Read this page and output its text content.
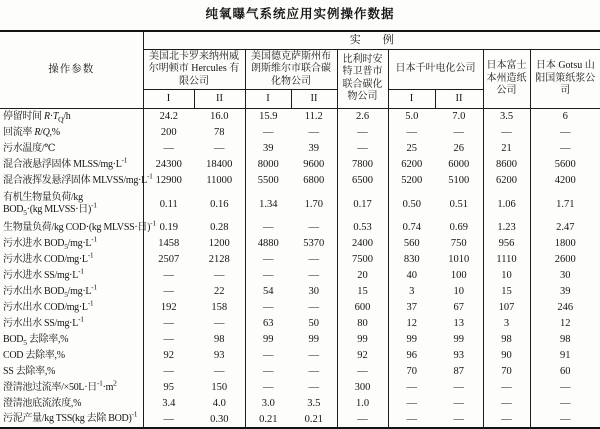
纯氧曝气系统应用实例操作数据
操作参数	实　　例								
	美国北卡罗来纳州威尔明顿市 Hercules 有限公司		美国德克萨斯州布朗斯维尔市联合碳化物公司		比利时安特卫普市联合碳化物公司	日本千叶电化公司		日本富士本州造纸公司	日本 Gotsu 山阳国策纸浆公司
	I	II	I	II		I	II		
停留时间 $R\cdot T_Q/h$	24.2	16.0	15.9	11.2	2.6	5.0	7.0	3.5	6
回流率 R/Q,%	200	78	—	—	—	—	—	—	—
污水温度/℃	—	—	39	39	—	25	26	21	—
混合液悬浮固体 MLSS/$mg\cdot L^{-1}$	24300	18400	8000	9600	7800	6200	6000	8600	5600
混合液挥发悬浮固体 MLVSS/$mg\cdot L^{-1}$	12900	11000	5500	6800	6500	5200	5100	6200	4200
有机生物量负荷/kg
$BOD_5\cdot(kg$ MLVSS·日)$^{-1}$	0.11	0.16	1.34	1.70	0.17	0.50	0.51	1.06	1.71
生物量负荷/kg COD·(kg MLVSS·日)$^{-1}$	0.19	0.28	—	—	0.53	0.74	0.69	1.23	2.47
污水进水 $BOD_5/mg\cdot L^{-1}$	1458	1200	4880	5370	2400	560	750	956	1800
污水进水 COD/$mg\cdot L^{-1}$	2507	2128	—	—	7500	830	1010	1110	2600
污水进水 $SS/mg\cdot L^{-1}$	—	—	—	—	20	40	100	10	30
污水出水 $BOD_5/mg\cdot L^{-1}$	—	22	54	30	15	3	10	15	39
污水出水 COD/$mg\cdot L^{-1}$	192	158	—	—	600	37	67	107	246
污水出水 $SS/mg\cdot L^{-1}$	—	—	63	50	80	12	13	3	12
$BOD_5$ 去除率,%	—	98	99	99	99	99	99	98	98
COD 去除率,%	92	93	—	—	92	96	93	90	91
SS 去除率,%	—	—	—	—	—	70	87	70	60
澄清池过流率/×50L·日$^{-1}\cdot m^2$	95	150	—	—	300	—	—	—	—
澄清池底流浓度,%	3.4	4.0	3.0	3.5	1.0	—	—	—	—
污泥产量/kg TSS(kg 去除 BOD)$^{-1}$	—	0.30	0.21	0.21	—	—	—	—	—
